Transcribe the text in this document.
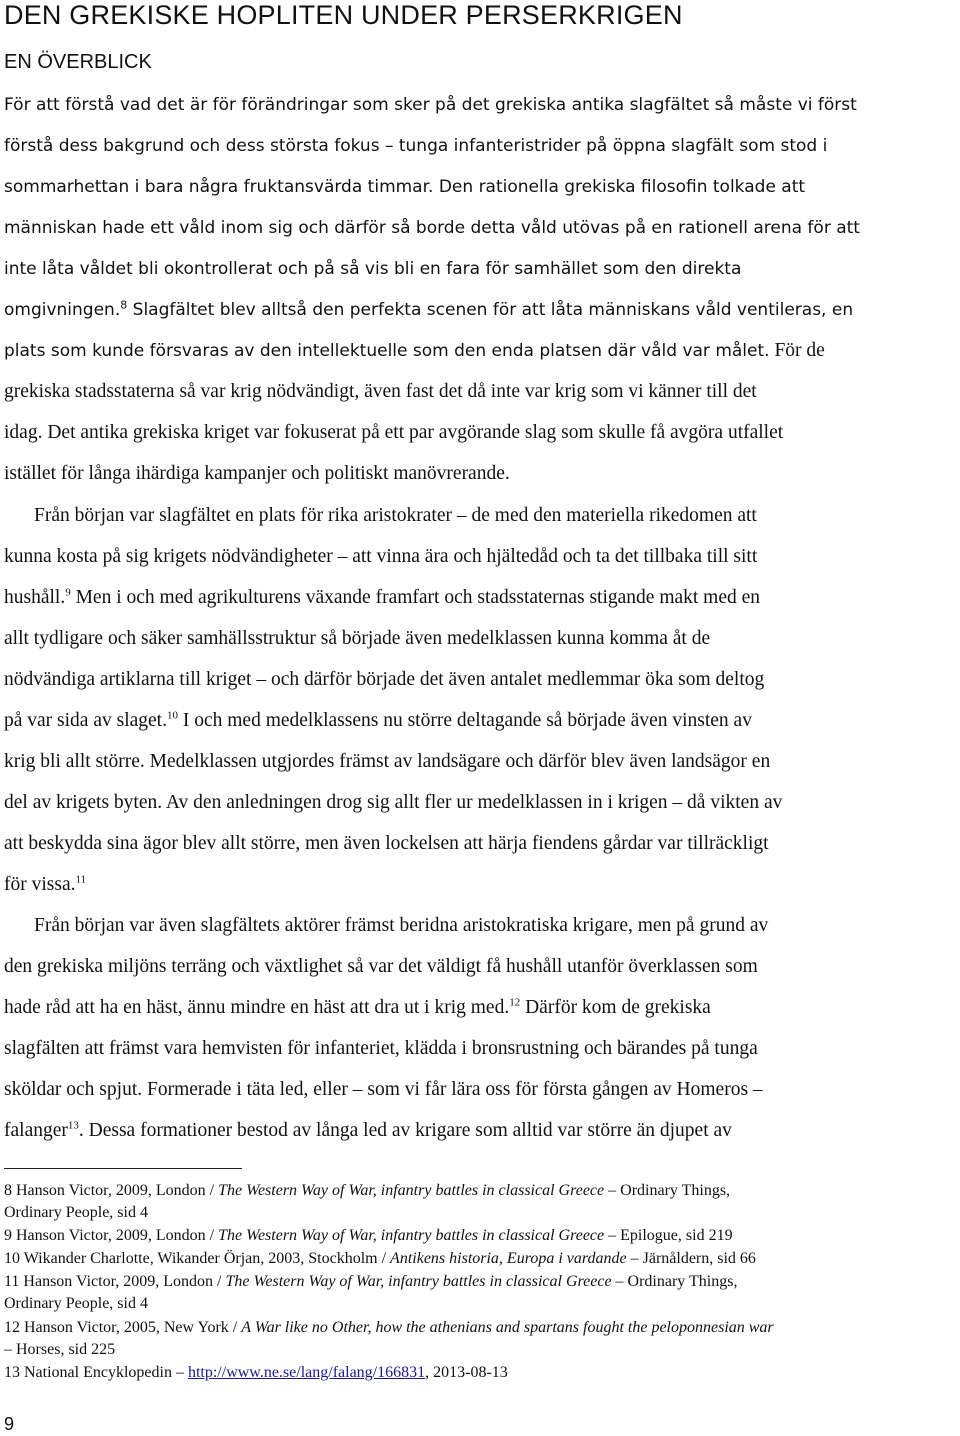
DEN GREKISKE HOPLITEN UNDER PERSERKRIGEN
EN ÖVERBLICK

För att förstå vad det är för förändringar som sker på det grekiska antika slagfältet så måste vi först

förstå dess bakgrund och dess största fokus – tunga infanteristrider på öppna slagfält som stod i

sommarhettan i bara några fruktansvärda timmar. Den rationella grekiska filosofin tolkade att

människan hade ett våld inom sig och därför så borde detta våld utövas på en rationell arena för att

inte låta våldet bli okontrollerat och på så vis bli en fara för samhället som den direkta

omgivningen.$^8$ Slagfältet blev alltså den perfekta scenen för att låta människans våld ventileras, en

plats som kunde försvaras av den intellektuelle som den enda platsen där våld var målet. För de

grekiska stadsstaterna så var krig nödvändigt, även fast det då inte var krig som vi känner till det

idag. Det antika grekiska kriget var fokuserat på ett par avgörande slag som skulle få avgöra utfallet

istället för långa ihärdiga kampanjer och politiskt manövrerande.

Från början var slagfältet en plats för rika aristokrater – de med den materiella rikedomen att

kunna kosta på sig krigets nödvändigheter – att vinna ära och hjältedåd och ta det tillbaka till sitt

hushåll.$^9$ Men i och med agrikulturens växande framfart och stadsstaternas stigande makt med en

allt tydligare och säker samhällsstruktur så började även medelklassen kunna komma åt de

nödvändiga artiklarna till kriget – och därför började det även antalet medlemmar öka som deltog

på var sida av slaget.$^{10}$ I och med medelklassens nu större deltagande så började även vinsten av

krig bli allt större. Medelklassen utgjordes främst av landsägare och därför blev även landsägor en

del av krigets byten. Av den anledningen drog sig allt fler ur medelklassen in i krigen – då vikten av

att beskydda sina ägor blev allt större, men även lockelsen att härja fiendens gårdar var tillräckligt

för vissa.$^{11}$

Från början var även slagfältets aktörer främst beridna aristokratiska krigare, men på grund av

den grekiska miljöns terräng och växtlighet så var det väldigt få hushåll utanför överklassen som

hade råd att ha en häst, ännu mindre en häst att dra ut i krig med.$^{12}$ Därför kom de grekiska

slagfälten att främst vara hemvisten för infanteriet, klädda i bronsrustning och bärandes på tunga

sköldar och spjut. Formerade i täta led, eller – som vi får lära oss för första gången av Homeros –

falanger$^{13}$. Dessa formationer bestod av långa led av krigare som alltid var större än djupet av

8 Hanson Victor, 2009, London / The Western Way of War, infantry battles in classical Greece – Ordinary Things,

Ordinary People, sid 4

9 Hanson Victor, 2009, London / The Western Way of War, infantry battles in classical Greece – Epilogue, sid 219

10 Wikander Charlotte, Wikander Örjan, 2003, Stockholm / Antikens historia, Europa i vardande – Järnåldern, sid 66

11 Hanson Victor, 2009, London / The Western Way of War, infantry battles in classical Greece – Ordinary Things,

Ordinary People, sid 4

12 Hanson Victor, 2005, New York / A War like no Other, how the athenians and spartans fought the peloponnesian war

– Horses, sid 225

13 National Encyklopedin – http://www.ne.se/lang/falang/166831, 2013-08-13

9
